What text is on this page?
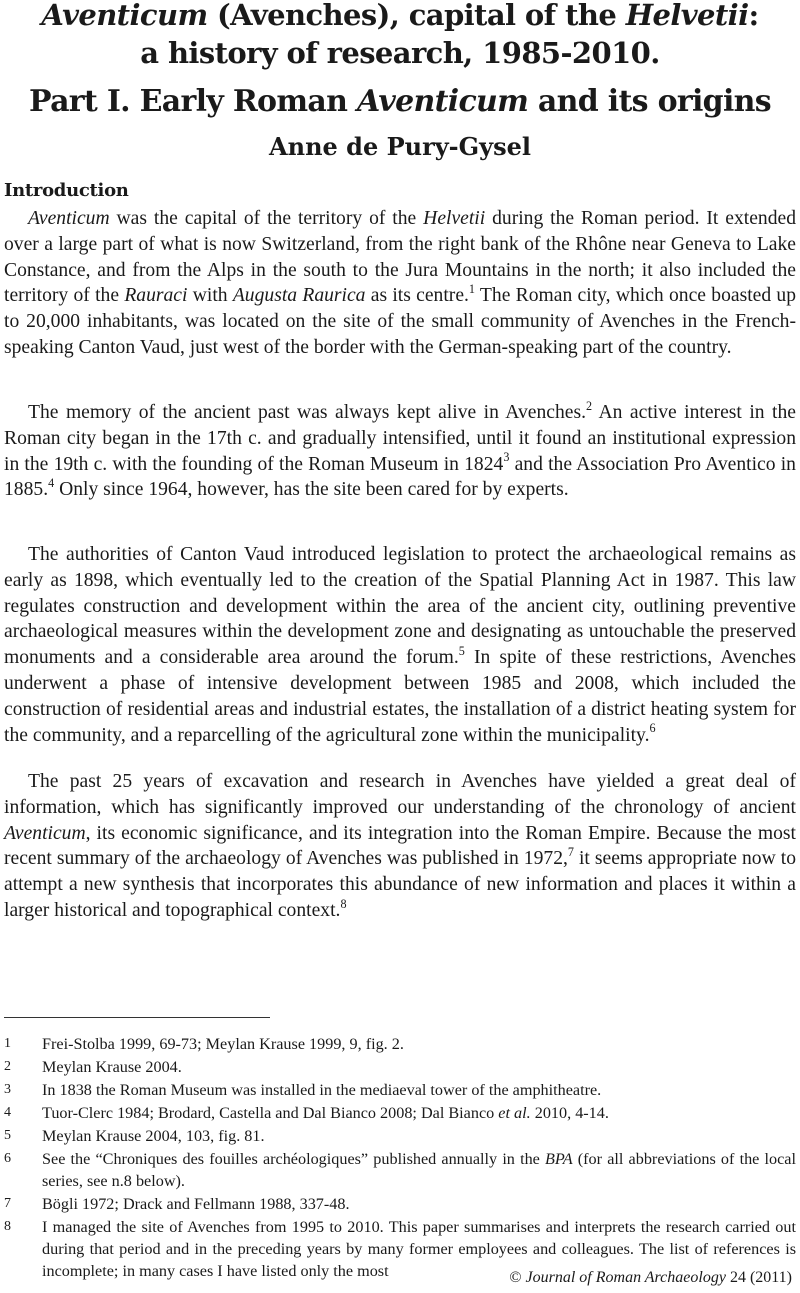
Aventicum (Avenches), capital of the Helvetii:
a history of research, 1985-2010.
Part I. Early Roman Aventicum and its origins
Anne de Pury-Gysel
Introduction

Aventicum was the capital of the territory of the Helvetii during the Roman period. It extended over a large part of what is now Switzerland, from the right bank of the Rhône near Geneva to Lake Constance, and from the Alps in the south to the Jura Mountains in the north; it also included the territory of the Rauraci with Augusta Raurica as its centre.$^1$ The Roman city, which once boasted up to 20,000 inhabitants, was located on the site of the small community of Avenches in the French-speaking Canton Vaud, just west of the border with the German-speaking part of the country.

The memory of the ancient past was always kept alive in Avenches.$^2$ An active interest in the Roman city began in the 17th c. and gradually intensified, until it found an institutional expression in the 19th c. with the founding of the Roman Museum in 1824$^3$ and the Association Pro Aventico in 1885.$^4$ Only since 1964, however, has the site been cared for by experts.

The authorities of Canton Vaud introduced legislation to protect the archaeological remains as early as 1898, which eventually led to the creation of the Spatial Planning Act in 1987. This law regulates construction and development within the area of the ancient city, outlining preventive archaeological measures within the development zone and designating as untouchable the preserved monuments and a considerable area around the forum.$^5$ In spite of these restrictions, Avenches underwent a phase of intensive development between 1985 and 2008, which included the construction of residential areas and industrial estates, the installation of a district heating system for the community, and a reparcelling of the agricultural zone within the municipality.$^6$

The past 25 years of excavation and research in Avenches have yielded a great deal of information, which has significantly improved our understanding of the chronology of ancient Aventicum, its economic significance, and its integration into the Roman Empire. Because the most recent summary of the archaeology of Avenches was published in 1972,$^7$ it seems appropriate now to attempt a new synthesis that incorporates this abundance of new information and places it within a larger historical and topographical context.$^8$

1	Frei-Stolba 1999, 69-73; Meylan Krause 1999, 9, fig. 2.
2	Meylan Krause 2004.
3	In 1838 the Roman Museum was installed in the mediaeval tower of the amphitheatre.
4	Tuor-Clerc 1984; Brodard, Castella and Dal Bianco 2008; Dal Bianco et al. 2010, 4-14.
5	Meylan Krause 2004, 103, fig. 81.
6	See the “Chroniques des fouilles archéologiques” published annually in the BPA (for all abbreviations of the local series, see n.8 below).
7	Bögli 1972; Drack and Fellmann 1988, 337-48.
8	I managed the site of Avenches from 1995 to 2010. This paper summarises and interprets the research carried out during that period and in the preceding years by many former employees and colleagues. The list of references is incomplete; in many cases I have listed only the most	© Journal of Roman Archaeology 24 (2011)
